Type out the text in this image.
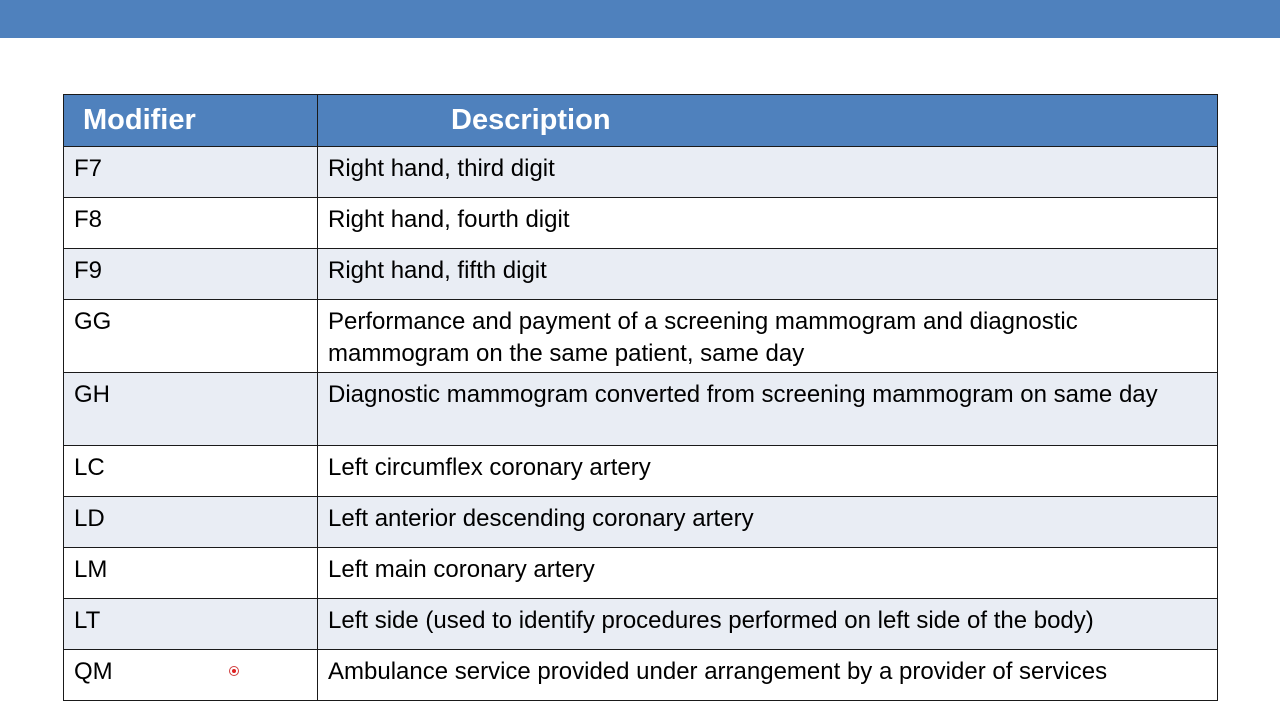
Modifier	Description
F7	Right hand, third digit
F8	Right hand, fourth digit
F9	Right hand, fifth digit
GG	Performance and payment of a screening mammogram and diagnostic mammogram on the same patient, same day
GH	Diagnostic mammogram converted from screening mammogram on same day
LC	Left circumflex coronary artery
LD	Left anterior descending coronary artery
LM	Left main coronary artery
LT	Left side (used to identify procedures performed on left side of the body)
QM	Ambulance service provided under arrangement by a provider of services
